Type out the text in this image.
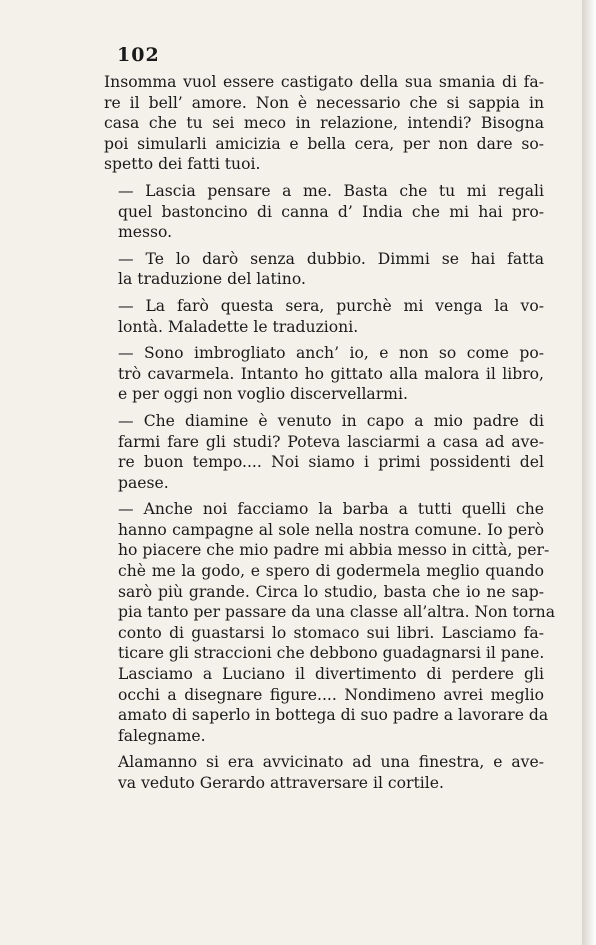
102

Insomma vuol essere castigato della sua smania di fa-
re il bell’ amore. Non è necessario che si sappia in
casa che tu sei meco in relazione, intendi? Bisogna
poi simularli amicizia e bella cera, per non dare so-
spetto dei fatti tuoi.

— Lascia pensare a me. Basta che tu mi regali
quel bastoncino di canna d’ India che mi hai pro-
messo.

— Te lo darò senza dubbio. Dimmi se hai fatta
la traduzione del latino.

— La farò questa sera, purchè mi venga la vo-
lontà. Maladette le traduzioni.

— Sono imbrogliato anch’ io, e non so come po-
trò cavarmela. Intanto ho gittato alla malora il libro,
e per oggi non voglio discervellarmi.

— Che diamine è venuto in capo a mio padre di
farmi fare gli studi? Poteva lasciarmi a casa ad ave-
re buon tempo.... Noi siamo i primi possidenti del
paese.

— Anche noi facciamo la barba a tutti quelli che
hanno campagne al sole nella nostra comune. Io però
ho piacere che mio padre mi abbia messo in città, per-
chè me la godo, e spero di godermela meglio quando
sarò più grande. Circa lo studio, basta che io ne sap-
pia tanto per passare da una classe all’altra. Non torna
conto di guastarsi lo stomaco sui libri. Lasciamo fa-
ticare gli straccioni che debbono guadagnarsi il pane.
Lasciamo a Luciano il divertimento di perdere gli
occhi a disegnare figure.... Nondimeno avrei meglio
amato di saperlo in bottega di suo padre a lavorare da
falegname.

Alamanno si era avvicinato ad una finestra, e ave-
va veduto Gerardo attraversare il cortile.
